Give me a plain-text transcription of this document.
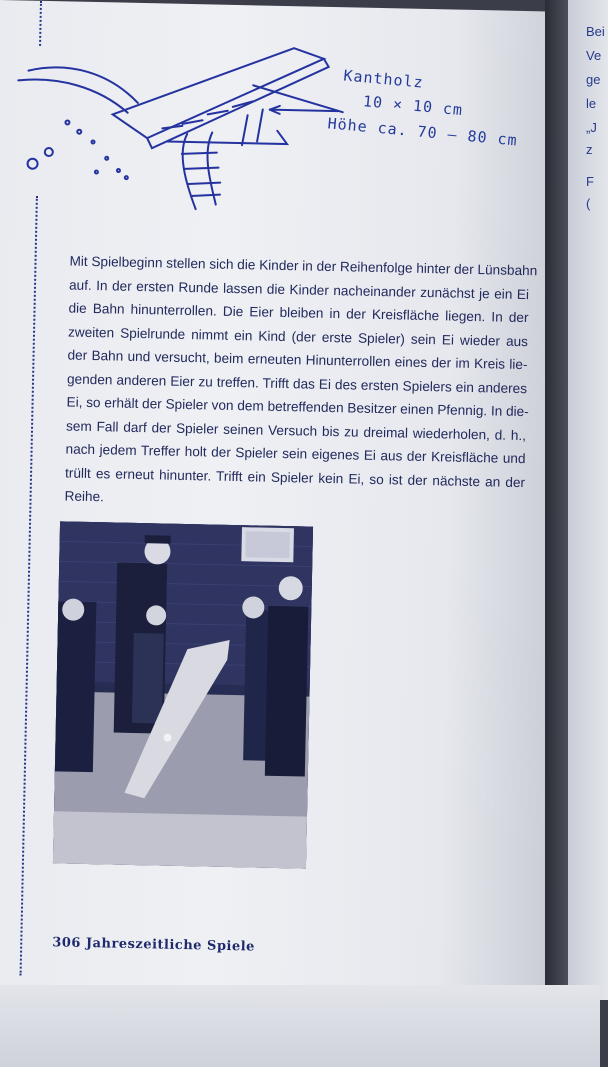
Kantholz
10 × 10 cm
Höhe ca. 70 – 80 cm
Mit Spielbeginn stellen sich die Kinder in der Reihenfolge hinter der Lünsbahn
auf. In der ersten Runde lassen die Kinder nacheinander zunächst je ein Ei
die Bahn hinunterrollen. Die Eier bleiben in der Kreisfläche liegen. In der
zweiten Spielrunde nimmt ein Kind (der erste Spieler) sein Ei wieder aus
der Bahn und versucht, beim erneuten Hinunterrollen eines der im Kreis lie-
genden anderen Eier zu treffen. Trifft das Ei des ersten Spielers ein anderes
Ei, so erhält der Spieler von dem betreffenden Besitzer einen Pfennig. In die-
sem Fall darf der Spieler seinen Versuch bis zu dreimal wiederholen, d. h.,
nach jedem Treffer holt der Spieler sein eigenes Ei aus der Kreisfläche und
trüllt es erneut hinunter. Trifft ein Spieler kein Ei, so ist der nächste an der
Reihe.
306 Jahreszeitliche Spiele
Bei
Ve
ge
le
„J
z
F
(
